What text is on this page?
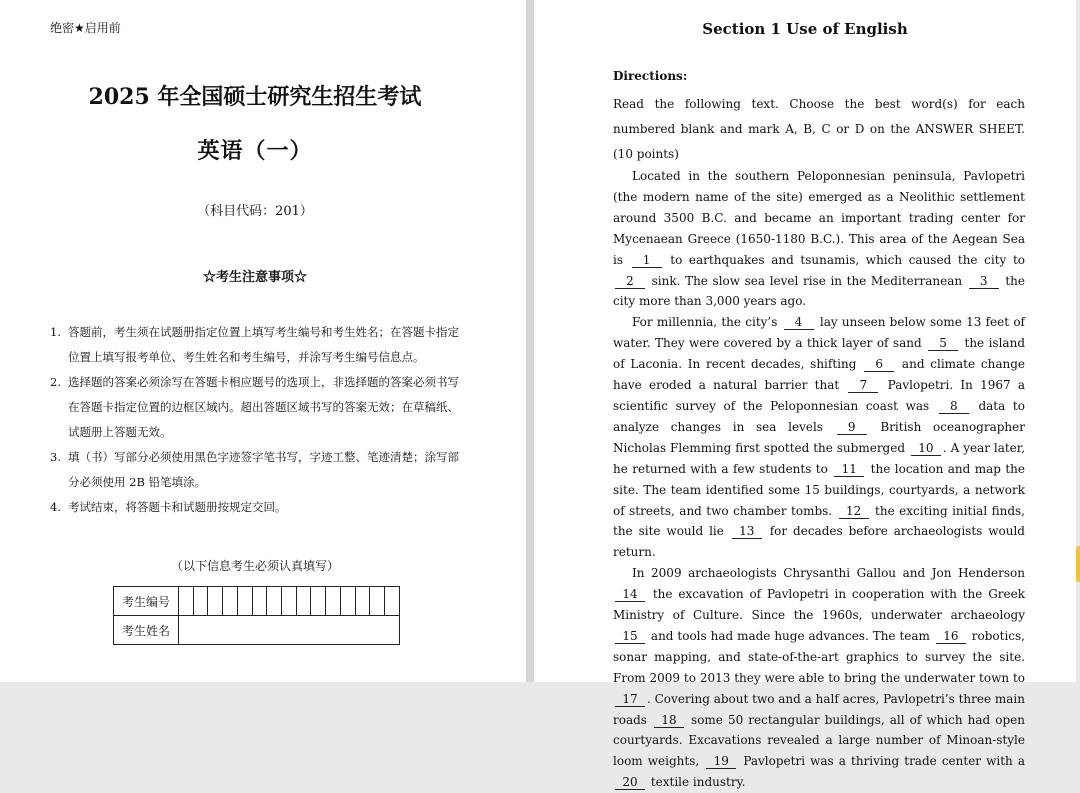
绝密★启用前
2025 年全国硕士研究生招生考试
英语（一）
（科目代码：201）
☆考生注意事项☆
1. 答题前，考生须在试题册指定位置上填写考生编号和考生姓名；在答题卡指定位置上填写报考单位、考生姓名和考生编号，并涂写考生编号信息点。
2. 选择题的答案必须涂写在答题卡相应题号的选项上，非选择题的答案必须书写在答题卡指定位置的边框区域内。超出答题区域书写的答案无效；在草稿纸、试题册上答题无效。
3. 填（书）写部分必须使用黑色字迹签字笔书写，字迹工整、笔迹清楚；涂写部分必须使用 2B 铅笔填涂。
4. 考试结束，将答题卡和试题册按规定交回。
（以下信息考生必须认真填写）
考生编号															
考生姓名															
Section 1 Use of English
Directions:
Read the following text. Choose the best word(s) for each numbered blank and mark A, B, C or D on the ANSWER SHEET. (10 points)

Located in the southern Peloponnesian peninsula, Pavlopetri (the modern name of the site) emerged as a Neolithic settlement around 3500 B.C. and became an important trading center for Mycenaean Greece (1650-1180 B.C.). This area of the Aegean Sea is 1 to earthquakes and tsunamis, which caused the city to 2 sink. The slow sea level rise in the Mediterranean 3 the city more than 3,000 years ago.

For millennia, the city’s 4 lay unseen below some 13 feet of water. They were covered by a thick layer of sand 5 the island of Laconia. In recent decades, shifting 6 and climate change have eroded a natural barrier that 7 Pavlopetri. In 1967 a scientific survey of the Peloponnesian coast was 8 data to analyze changes in sea levels 9 British oceanographer Nicholas Flemming first spotted the submerged 10 . A year later, he returned with a few students to 11 the location and map the site. The team identified some 15 buildings, courtyards, a network of streets, and two chamber tombs. 12 the exciting initial finds, the site would lie 13 for decades before archaeologists would return.

In 2009 archaeologists Chrysanthi Gallou and Jon Henderson 14 the excavation of Pavlopetri in cooperation with the Greek Ministry of Culture. Since the 1960s, underwater archaeology 15 and tools had made huge advances. The team 16 robotics, sonar mapping, and state-of-the-art graphics to survey the site. From 2009 to 2013 they were able to bring the underwater town to 17 . Covering about two and a half acres, Pavlopetri’s three main roads 18 some 50 rectangular buildings, all of which had open courtyards. Excavations revealed a large number of Minoan-style loom weights, 19 Pavlopetri was a thriving trade center with a 20 textile industry.
